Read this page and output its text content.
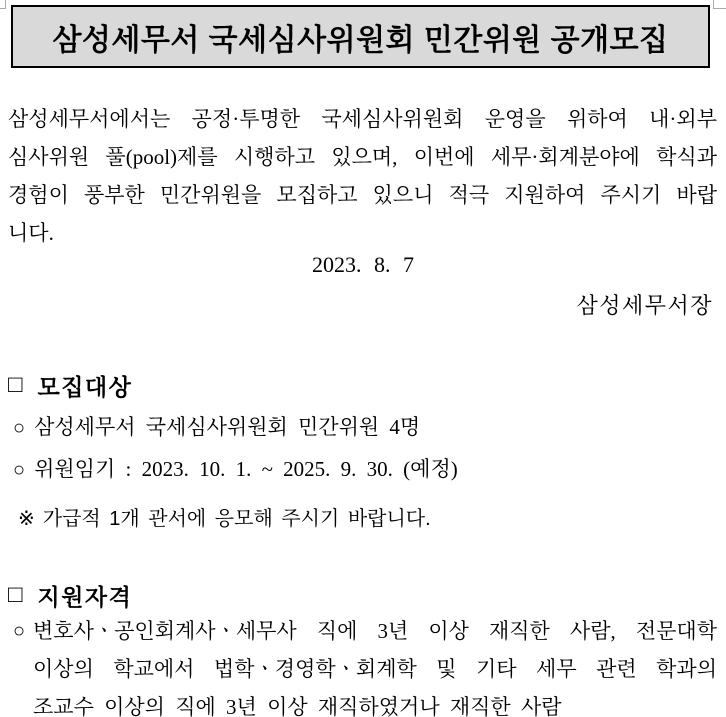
삼성세무서 국세심사위원회 민간위원 공개모집
삼성세무서에서는 공정·투명한 국세심사위원회 운영을 위하여 내·외부
심사위원 풀(pool)제를 시행하고 있으며, 이번에 세무·회계분야에 학식과
경험이 풍부한 민간위원을 모집하고 있으니 적극 지원하여 주시기 바랍
니다.
2023. 8. 7
삼성세무서장
□ 모집대상
○ 삼성세무서 국세심사위원회 민간위원 4명
○ 위원임기 : 2023. 10. 1. ~ 2025. 9. 30. (예정)
※ 가급적 1개 관서에 응모해 주시기 바랍니다.
□ 지원자격
○ 변호사ㆍ공인회계사ㆍ세무사 직에 3년 이상 재직한 사람, 전문대학
이상의 학교에서 법학ㆍ경영학ㆍ회계학 및 기타 세무 관련 학과의
조교수 이상의 직에 3년 이상 재직하였거나 재직한 사람
